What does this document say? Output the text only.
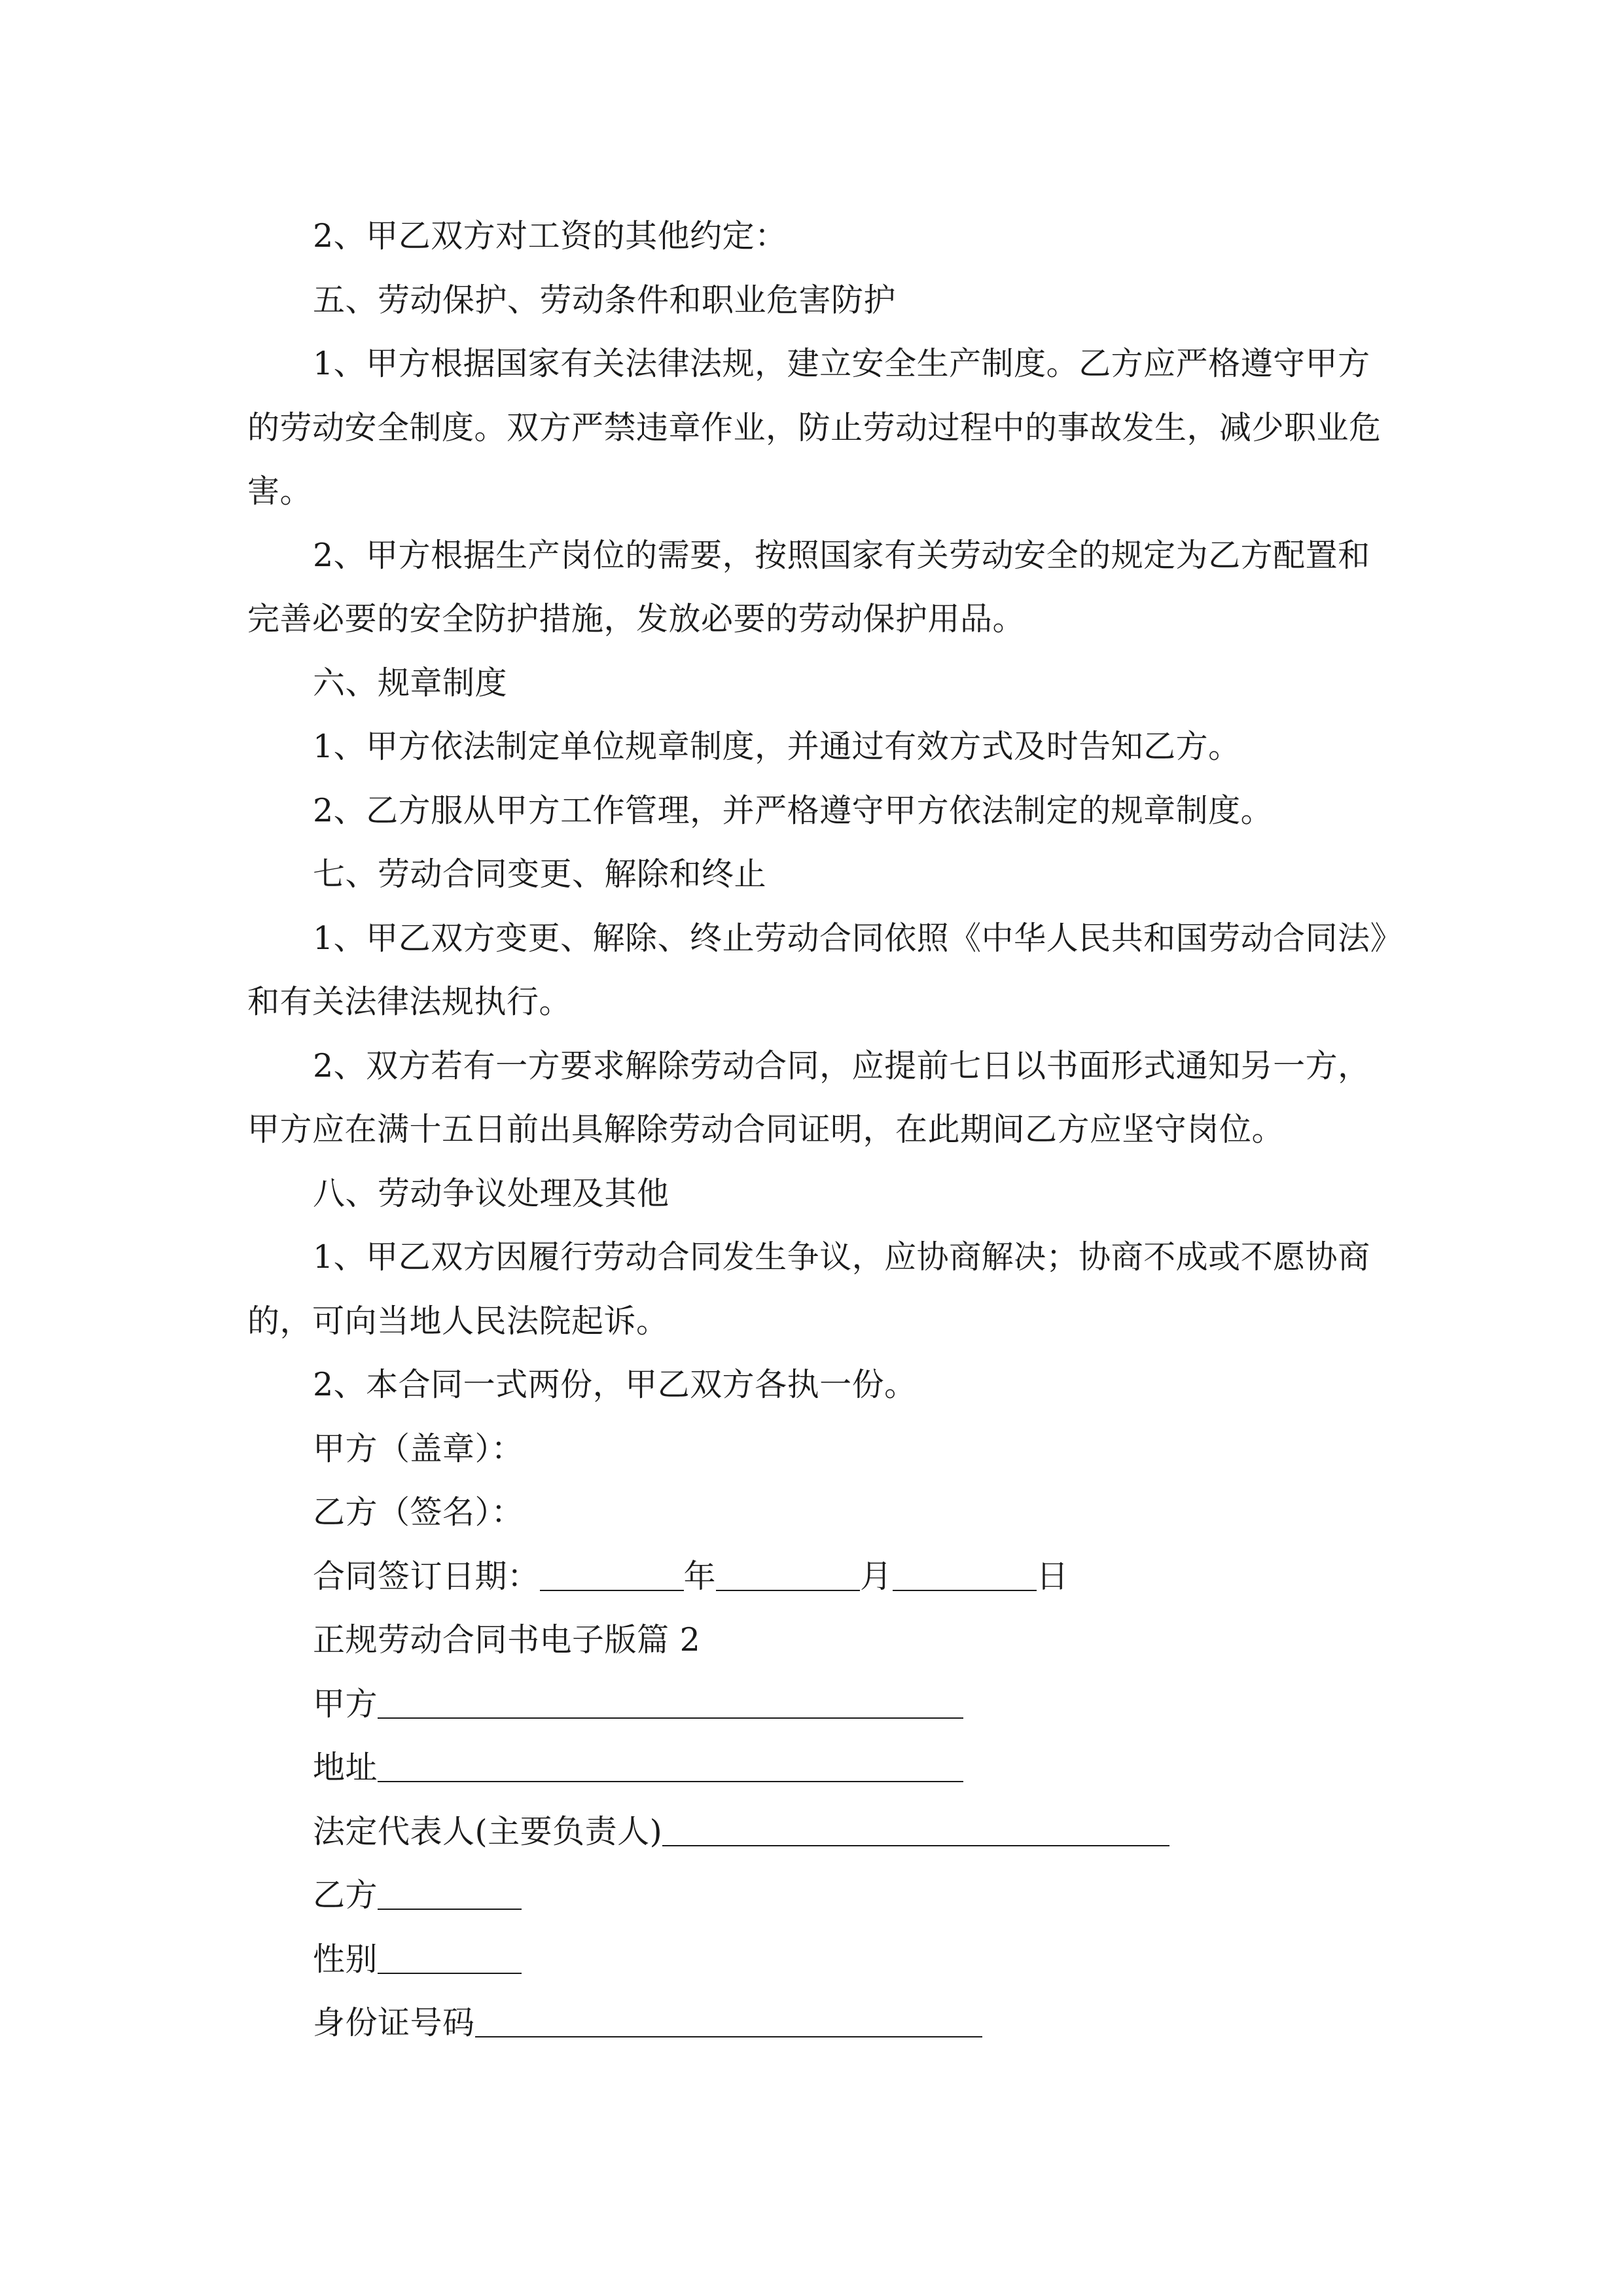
2、甲乙双方对工资的其他约定：
五、劳动保护、劳动条件和职业危害防护
1、甲方根据国家有关法律法规，建立安全生产制度。乙方应严格遵守甲方
的劳动安全制度。双方严禁违章作业，防止劳动过程中的事故发生，减少职业危
害。
2、甲方根据生产岗位的需要，按照国家有关劳动安全的规定为乙方配置和
完善必要的安全防护措施，发放必要的劳动保护用品。
六、规章制度
1、甲方依法制定单位规章制度，并通过有效方式及时告知乙方。
2、乙方服从甲方工作管理，并严格遵守甲方依法制定的规章制度。
七、劳动合同变更、解除和终止
1、甲乙双方变更、解除、终止劳动合同依照《中华人民共和国劳动合同法》
和有关法律法规执行。
2、双方若有一方要求解除劳动合同，应提前七日以书面形式通知另一方，
甲方应在满十五日前出具解除劳动合同证明，在此期间乙方应坚守岗位。
八、劳动争议处理及其他
1、甲乙双方因履行劳动合同发生争议，应协商解决；协商不成或不愿协商
的，可向当地人民法院起诉。
2、本合同一式两份，甲乙双方各执一份。
甲方（盖章）：
乙方（签名）：
合同签订日期：	年	月	日
正规劳动合同书电子版篇 2
甲方
地址
法定代表人(主要负责人)
乙方
性别
身份证号码
